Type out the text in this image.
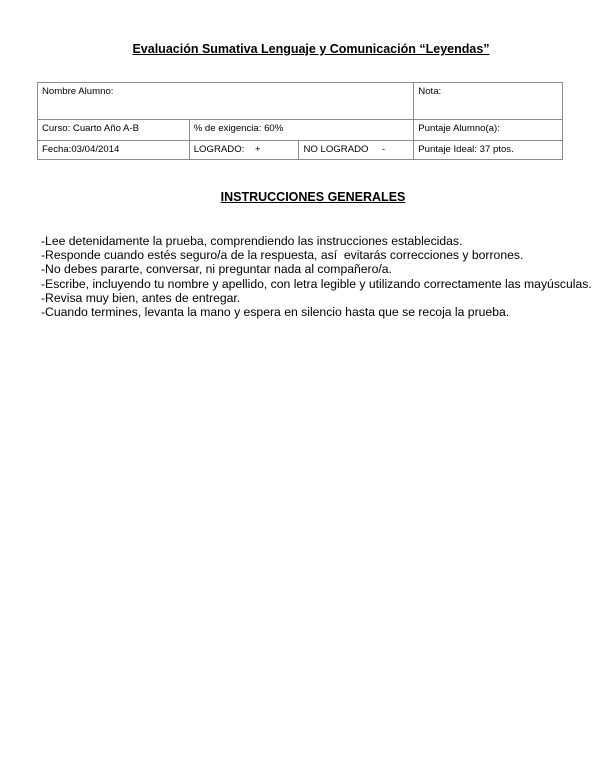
Evaluación Sumativa Lenguaje y Comunicación “Leyendas”
Nombre Alumno:			Nota:
Curso: Cuarto Año A-B	% de exigencia: 60%		Puntaje Alumno(a):
Fecha:03/04/2014	LOGRADO:    +	NO LOGRADO     -	Puntaje Ideal: 37 ptos.
INSTRUCCIONES GENERALES
-Lee detenidamente la prueba, comprendiendo las instrucciones establecidas.
-Responde cuando estés seguro/a de la respuesta, así  evitarás correcciones y borrones.
-No debes pararte, conversar, ni preguntar nada al compañero/a.
-Escribe, incluyendo tu nombre y apellido, con letra legible y utilizando correctamente las mayúsculas.
-Revisa muy bien, antes de entregar.
-Cuando termines, levanta la mano y espera en silencio hasta que se recoja la prueba.
